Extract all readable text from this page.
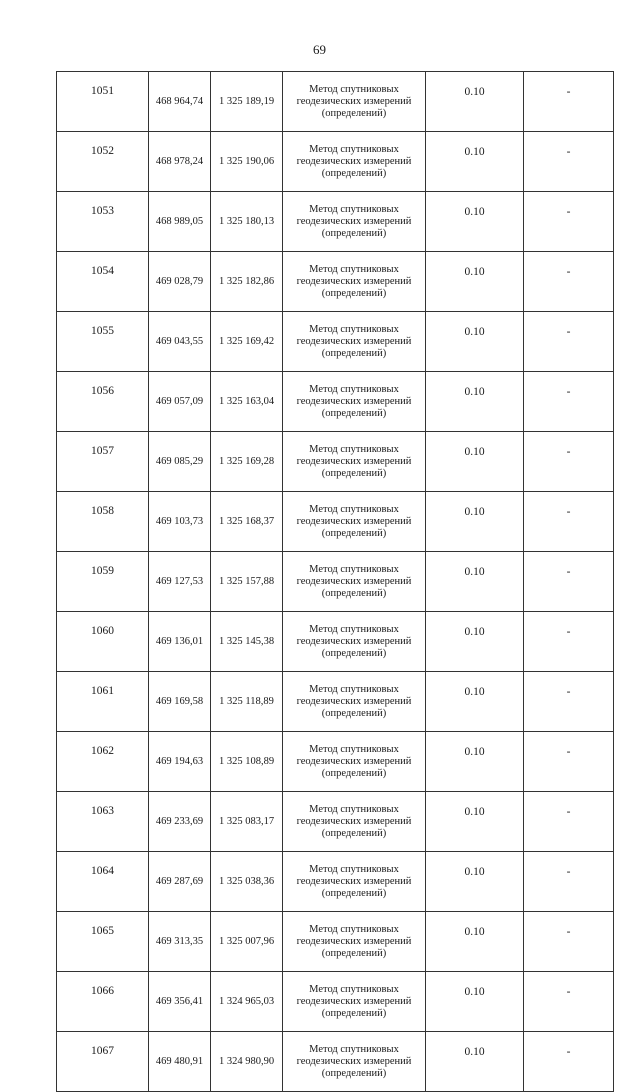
69
1051	468 964,74	1 325 189,19	Метод спутниковых
геодезических измерений
(определений)	0.10	-
1052	468 978,24	1 325 190,06	Метод спутниковых
геодезических измерений
(определений)	0.10	-
1053	468 989,05	1 325 180,13	Метод спутниковых
геодезических измерений
(определений)	0.10	-
1054	469 028,79	1 325 182,86	Метод спутниковых
геодезических измерений
(определений)	0.10	-
1055	469 043,55	1 325 169,42	Метод спутниковых
геодезических измерений
(определений)	0.10	-
1056	469 057,09	1 325 163,04	Метод спутниковых
геодезических измерений
(определений)	0.10	-
1057	469 085,29	1 325 169,28	Метод спутниковых
геодезических измерений
(определений)	0.10	-
1058	469 103,73	1 325 168,37	Метод спутниковых
геодезических измерений
(определений)	0.10	-
1059	469 127,53	1 325 157,88	Метод спутниковых
геодезических измерений
(определений)	0.10	-
1060	469 136,01	1 325 145,38	Метод спутниковых
геодезических измерений
(определений)	0.10	-
1061	469 169,58	1 325 118,89	Метод спутниковых
геодезических измерений
(определений)	0.10	-
1062	469 194,63	1 325 108,89	Метод спутниковых
геодезических измерений
(определений)	0.10	-
1063	469 233,69	1 325 083,17	Метод спутниковых
геодезических измерений
(определений)	0.10	-
1064	469 287,69	1 325 038,36	Метод спутниковых
геодезических измерений
(определений)	0.10	-
1065	469 313,35	1 325 007,96	Метод спутниковых
геодезических измерений
(определений)	0.10	-
1066	469 356,41	1 324 965,03	Метод спутниковых
геодезических измерений
(определений)	0.10	-
1067	469 480,91	1 324 980,90	Метод спутниковых
геодезических измерений
(определений)	0.10	-
